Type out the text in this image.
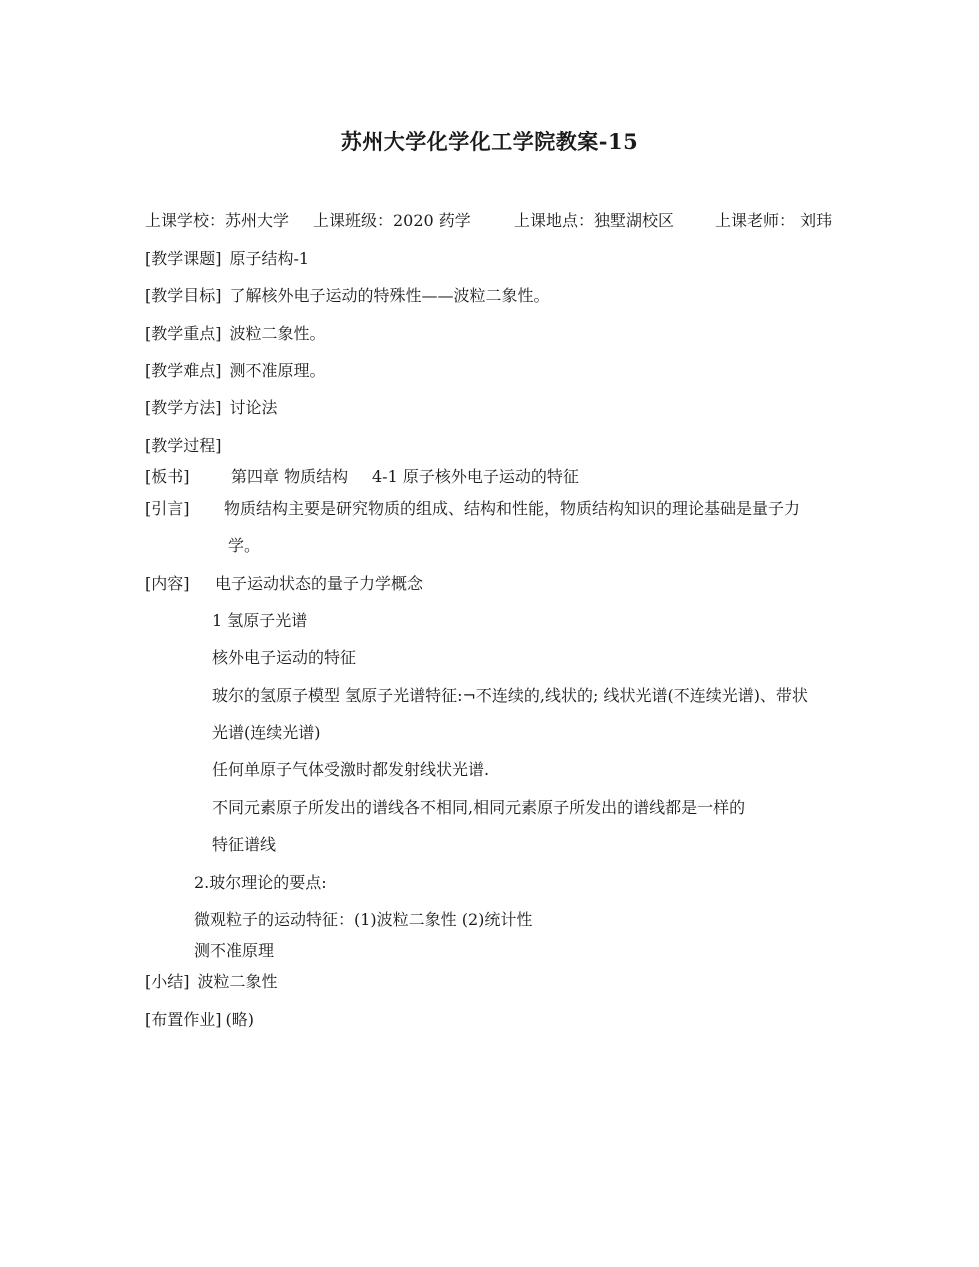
苏州大学化学化工学院教案-15
上课学校：苏州大学 上课班级：2020 药学	上课地点：独墅湖校区	上课老师： 刘玮
[教学课题] 原子结构-1
[教学目标] 了解核外电子运动的特殊性——波粒二象性。
[教学重点] 波粒二象性。
[教学难点] 测不准原理。
[教学方法] 讨论法
[教学过程]
[板书]	第四章 物质结构 4-1 原子核外电子运动的特征
[引言] 物质结构主要是研究物质的组成、结构和性能，物质结构知识的理论基础是量子力
学。
[内容] 电子运动状态的量子力学概念
1 氢原子光谱
核外电子运动的特征
玻尔的氢原子模型 氢原子光谱特征:¬不连续的,线状的; 线状光谱(不连续光谱)、带状
光谱(连续光谱)
任何单原子气体受激时都发射线状光谱.
不同元素原子所发出的谱线各不相同,相同元素原子所发出的谱线都是一样的
特征谱线
2.玻尔理论的要点:
微观粒子的运动特征：(1)波粒二象性 (2)统计性
测不准原理
[小结] 波粒二象性
[布置作业] (略)
